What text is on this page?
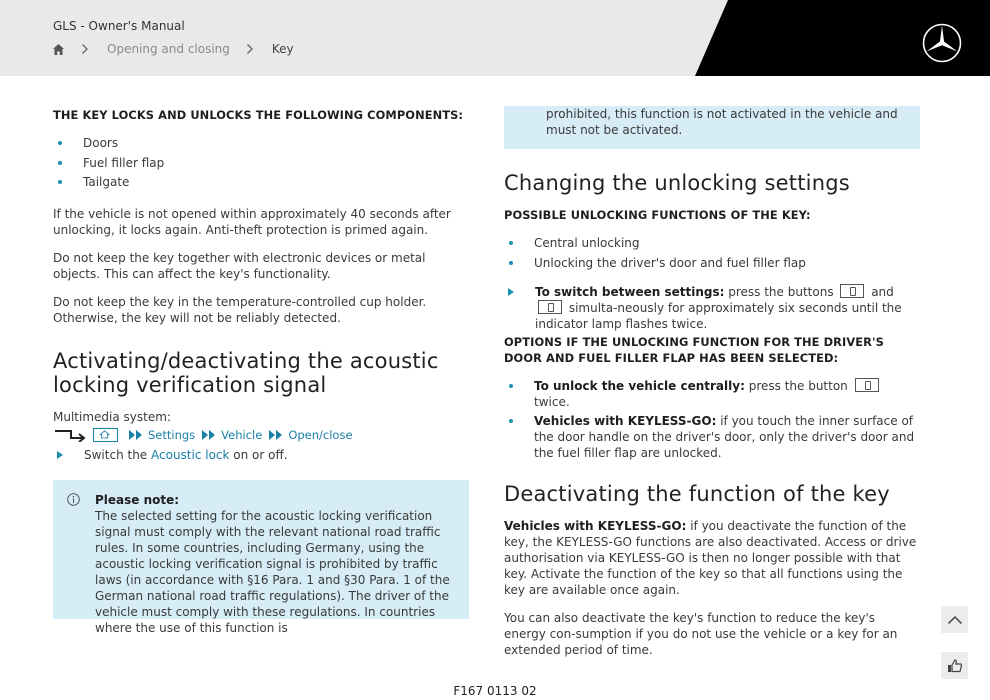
GLS - Owner's Manual
Opening and closing	Key
THE KEY LOCKS AND UNLOCKS THE FOLLOWING COMPONENTS:
Doors
Fuel filler flap
Tailgate

If the vehicle is not opened within approximately 40 seconds after unlocking, it locks again. Anti-theft protection is primed again.

Do not keep the key together with electronic devices or metal objects. This can affect the key's functionality.

Do not keep the key in the temperature-controlled cup holder. Otherwise, the key will not be reliably detected.

Activating/deactivating the acoustic locking verification signal

Multimedia system:

Settings Vehicle Open/close

Switch the Acoustic lock on or off.

Please note:

The selected setting for the acoustic locking verification signal must comply with the relevant national road traffic rules. In some countries, including Germany, using the acoustic locking verification signal is prohibited by traffic laws (in accordance with §16 Para. 1 and §30 Para. 1 of the German national road traffic regulations). The driver of the vehicle must comply with these regulations. In countries where the use of this function is

prohibited, this function is not activated in the vehicle and must not be activated.

Changing the unlocking settings
POSSIBLE UNLOCKING FUNCTIONS OF THE KEY:
Central unlocking
Unlocking the driver's door and fuel filler flap

To switch between settings: press the buttons	and  simulta-neously for approximately six seconds until the indicator lamp flashes twice.

OPTIONS IF THE UNLOCKING FUNCTION FOR THE DRIVER'S DOOR AND FUEL FILLER FLAP HAS BEEN SELECTED:
To unlock the vehicle centrally: press the button  twice.
Vehicles with KEYLESS-GO: if you touch the inner surface of the door handle on the driver's door, only the driver's door and the fuel filler flap are unlocked.
Deactivating the function of the key

Vehicles with KEYLESS-GO: if you deactivate the function of the key, the KEYLESS-GO functions are also deactivated. Access or drive authorisation via KEYLESS-GO is then no longer possible with that key. Activate the function of the key so that all functions using the key are available once again.

You can also deactivate the key's function to reduce the key's energy con-sumption if you do not use the vehicle or a key for an extended period of time.

F167 0113 02
